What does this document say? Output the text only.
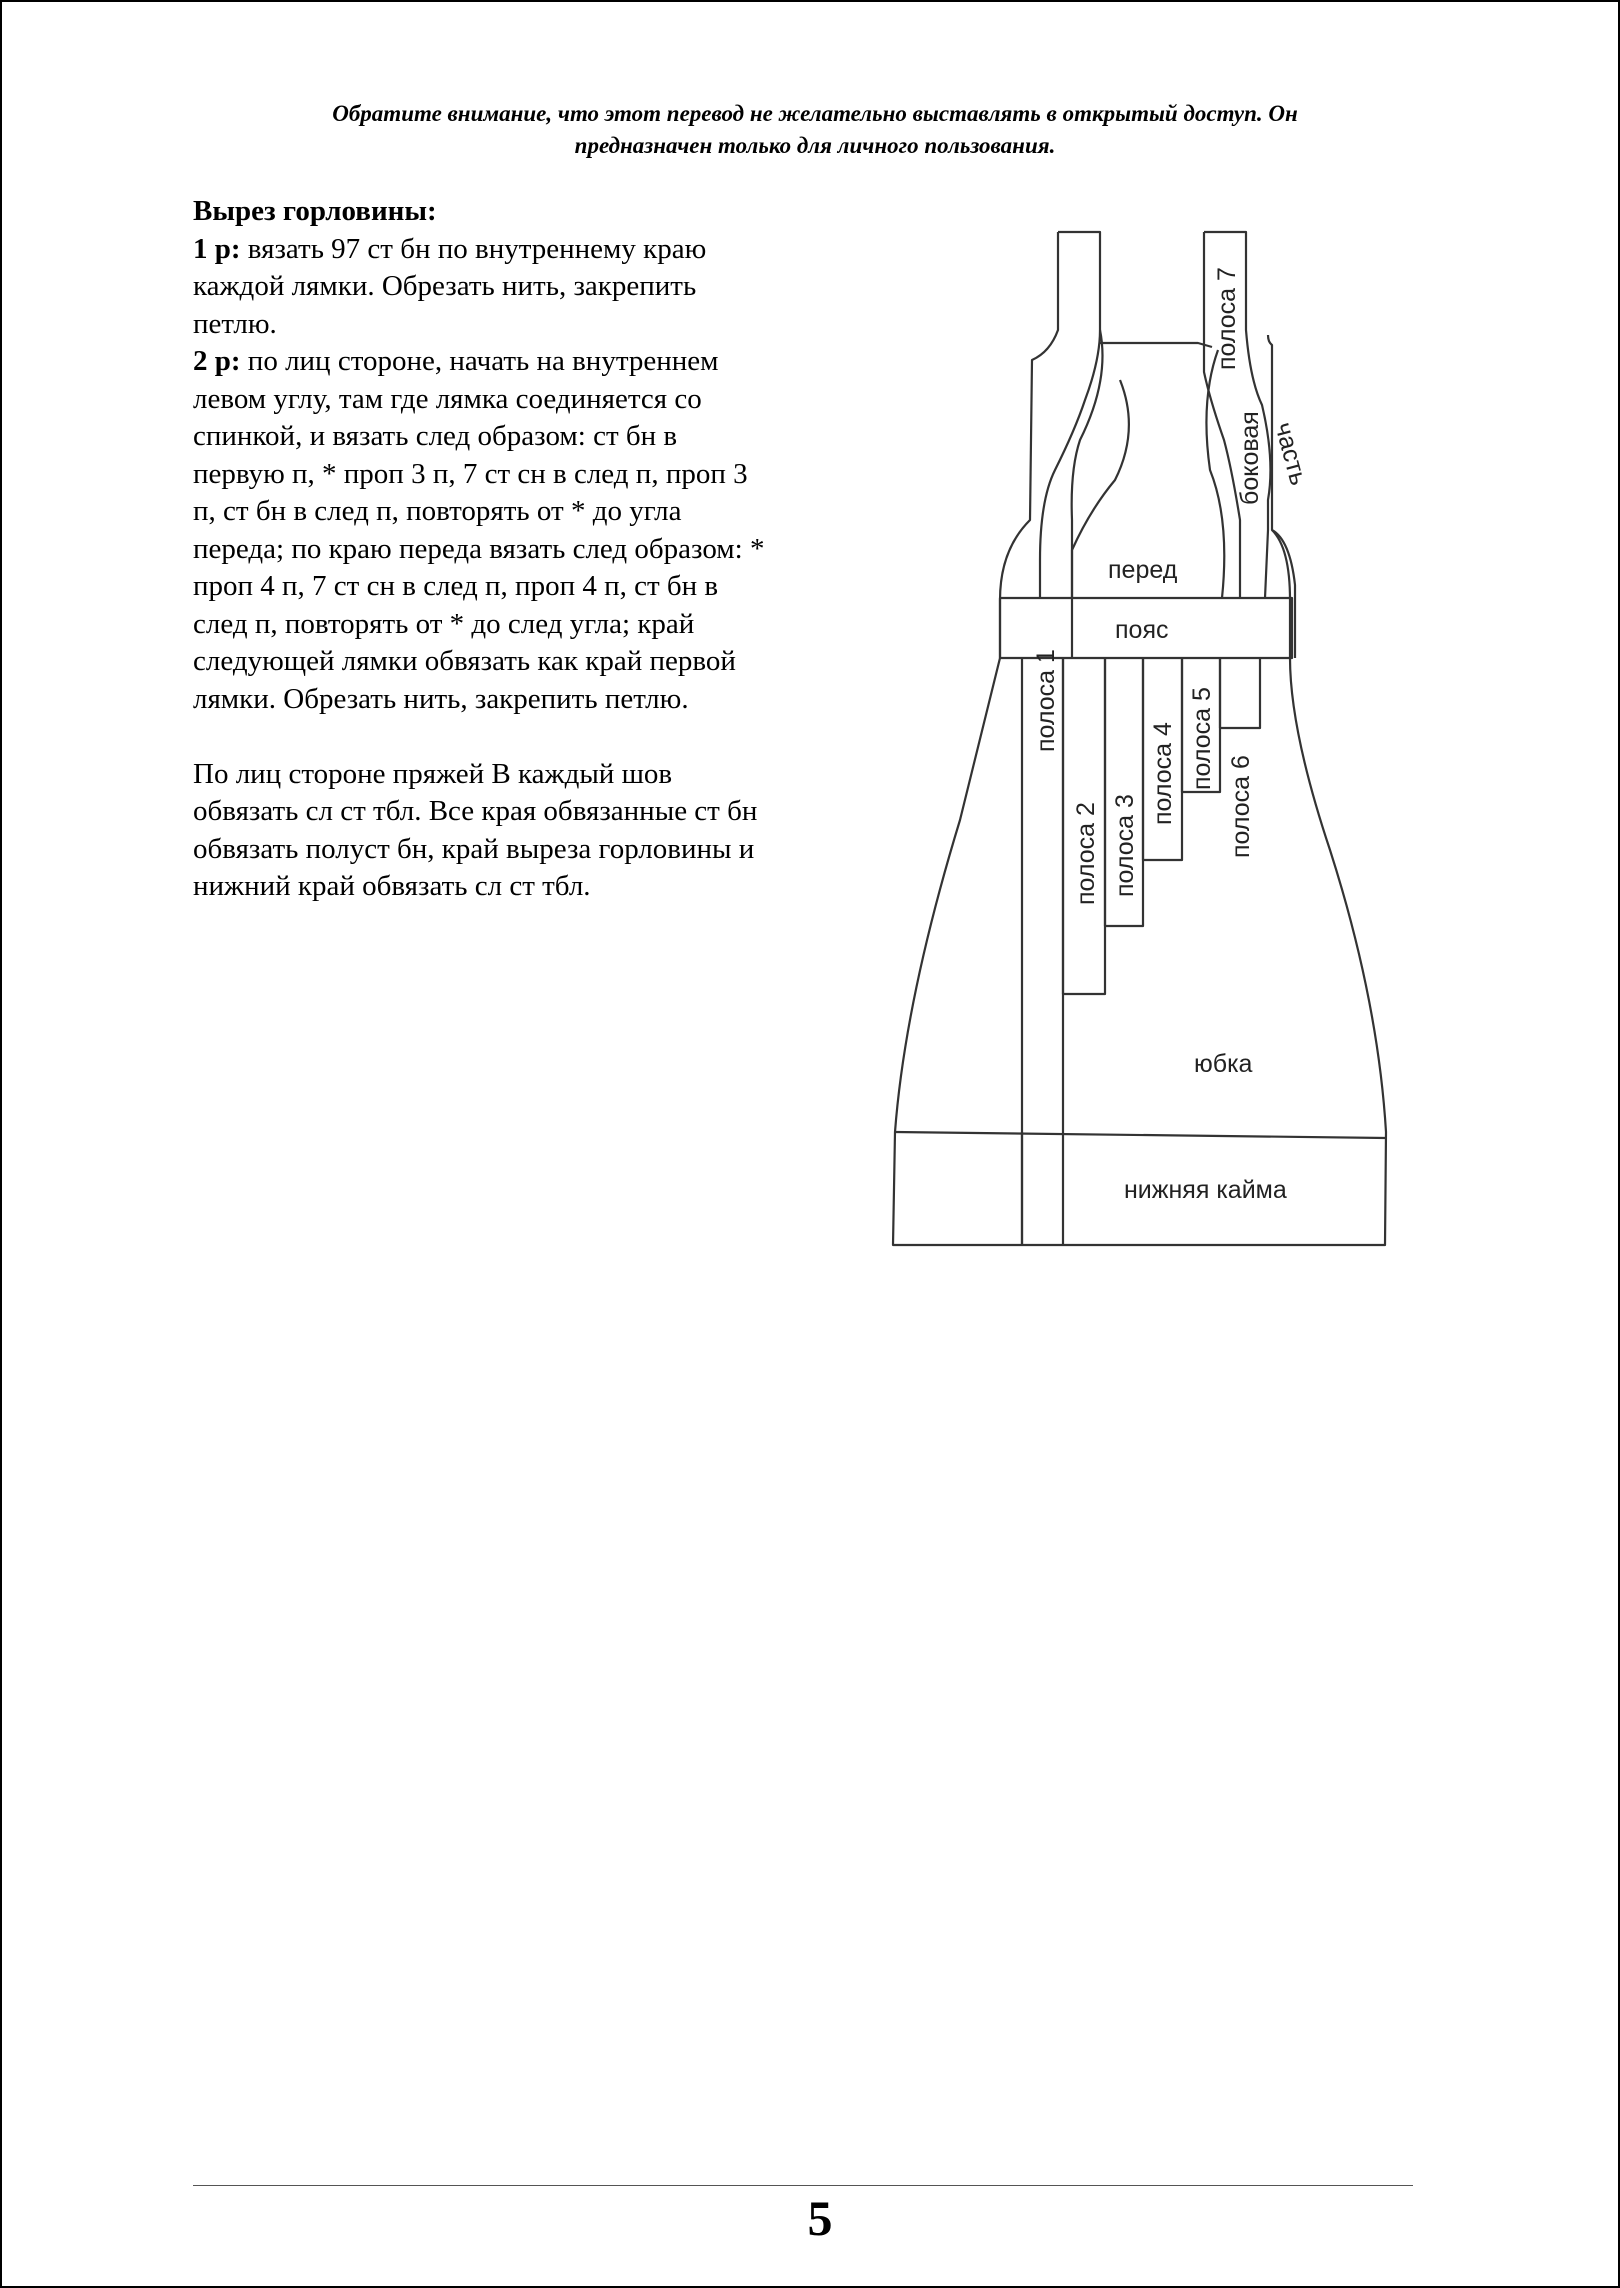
Обратите внимание, что этот перевод не желательно выставлять в открытый доступ. Он
предназначен только для личного пользования.

Вырез горловины:

1 р: вязать 97 ст бн по внутреннему краю каждой лямки. Обрезать нить, закрепить петлю.

2 р: по лиц стороне, начать на внутреннем левом углу, там где лямка соединяется со спинкой, и вязать след образом: ст бн в первую п, * проп 3 п, 7 ст сн в след п, проп 3 п, ст бн в след п, повторять от * до угла переда; по краю переда вязать след образом: * проп 4 п, 7 ст сн в след п, проп 4 п, ст бн в след п, повторять от * до след угла; край следующей лямки обвязать как край первой лямки. Обрезать нить, закрепить петлю.

По лиц стороне пряжей В каждый шов обвязать сл ст тбл. Все края обвязанные ст бн обвязать полуст бн, край выреза горловины и нижний край обвязать сл ст тбл.

перед
пояс
юбка
нижняя кайма
полоса 1
полоса 2 полоса 3
полоса 4 полоса 5
полоса 6
полоса 7
боковая часть
5
